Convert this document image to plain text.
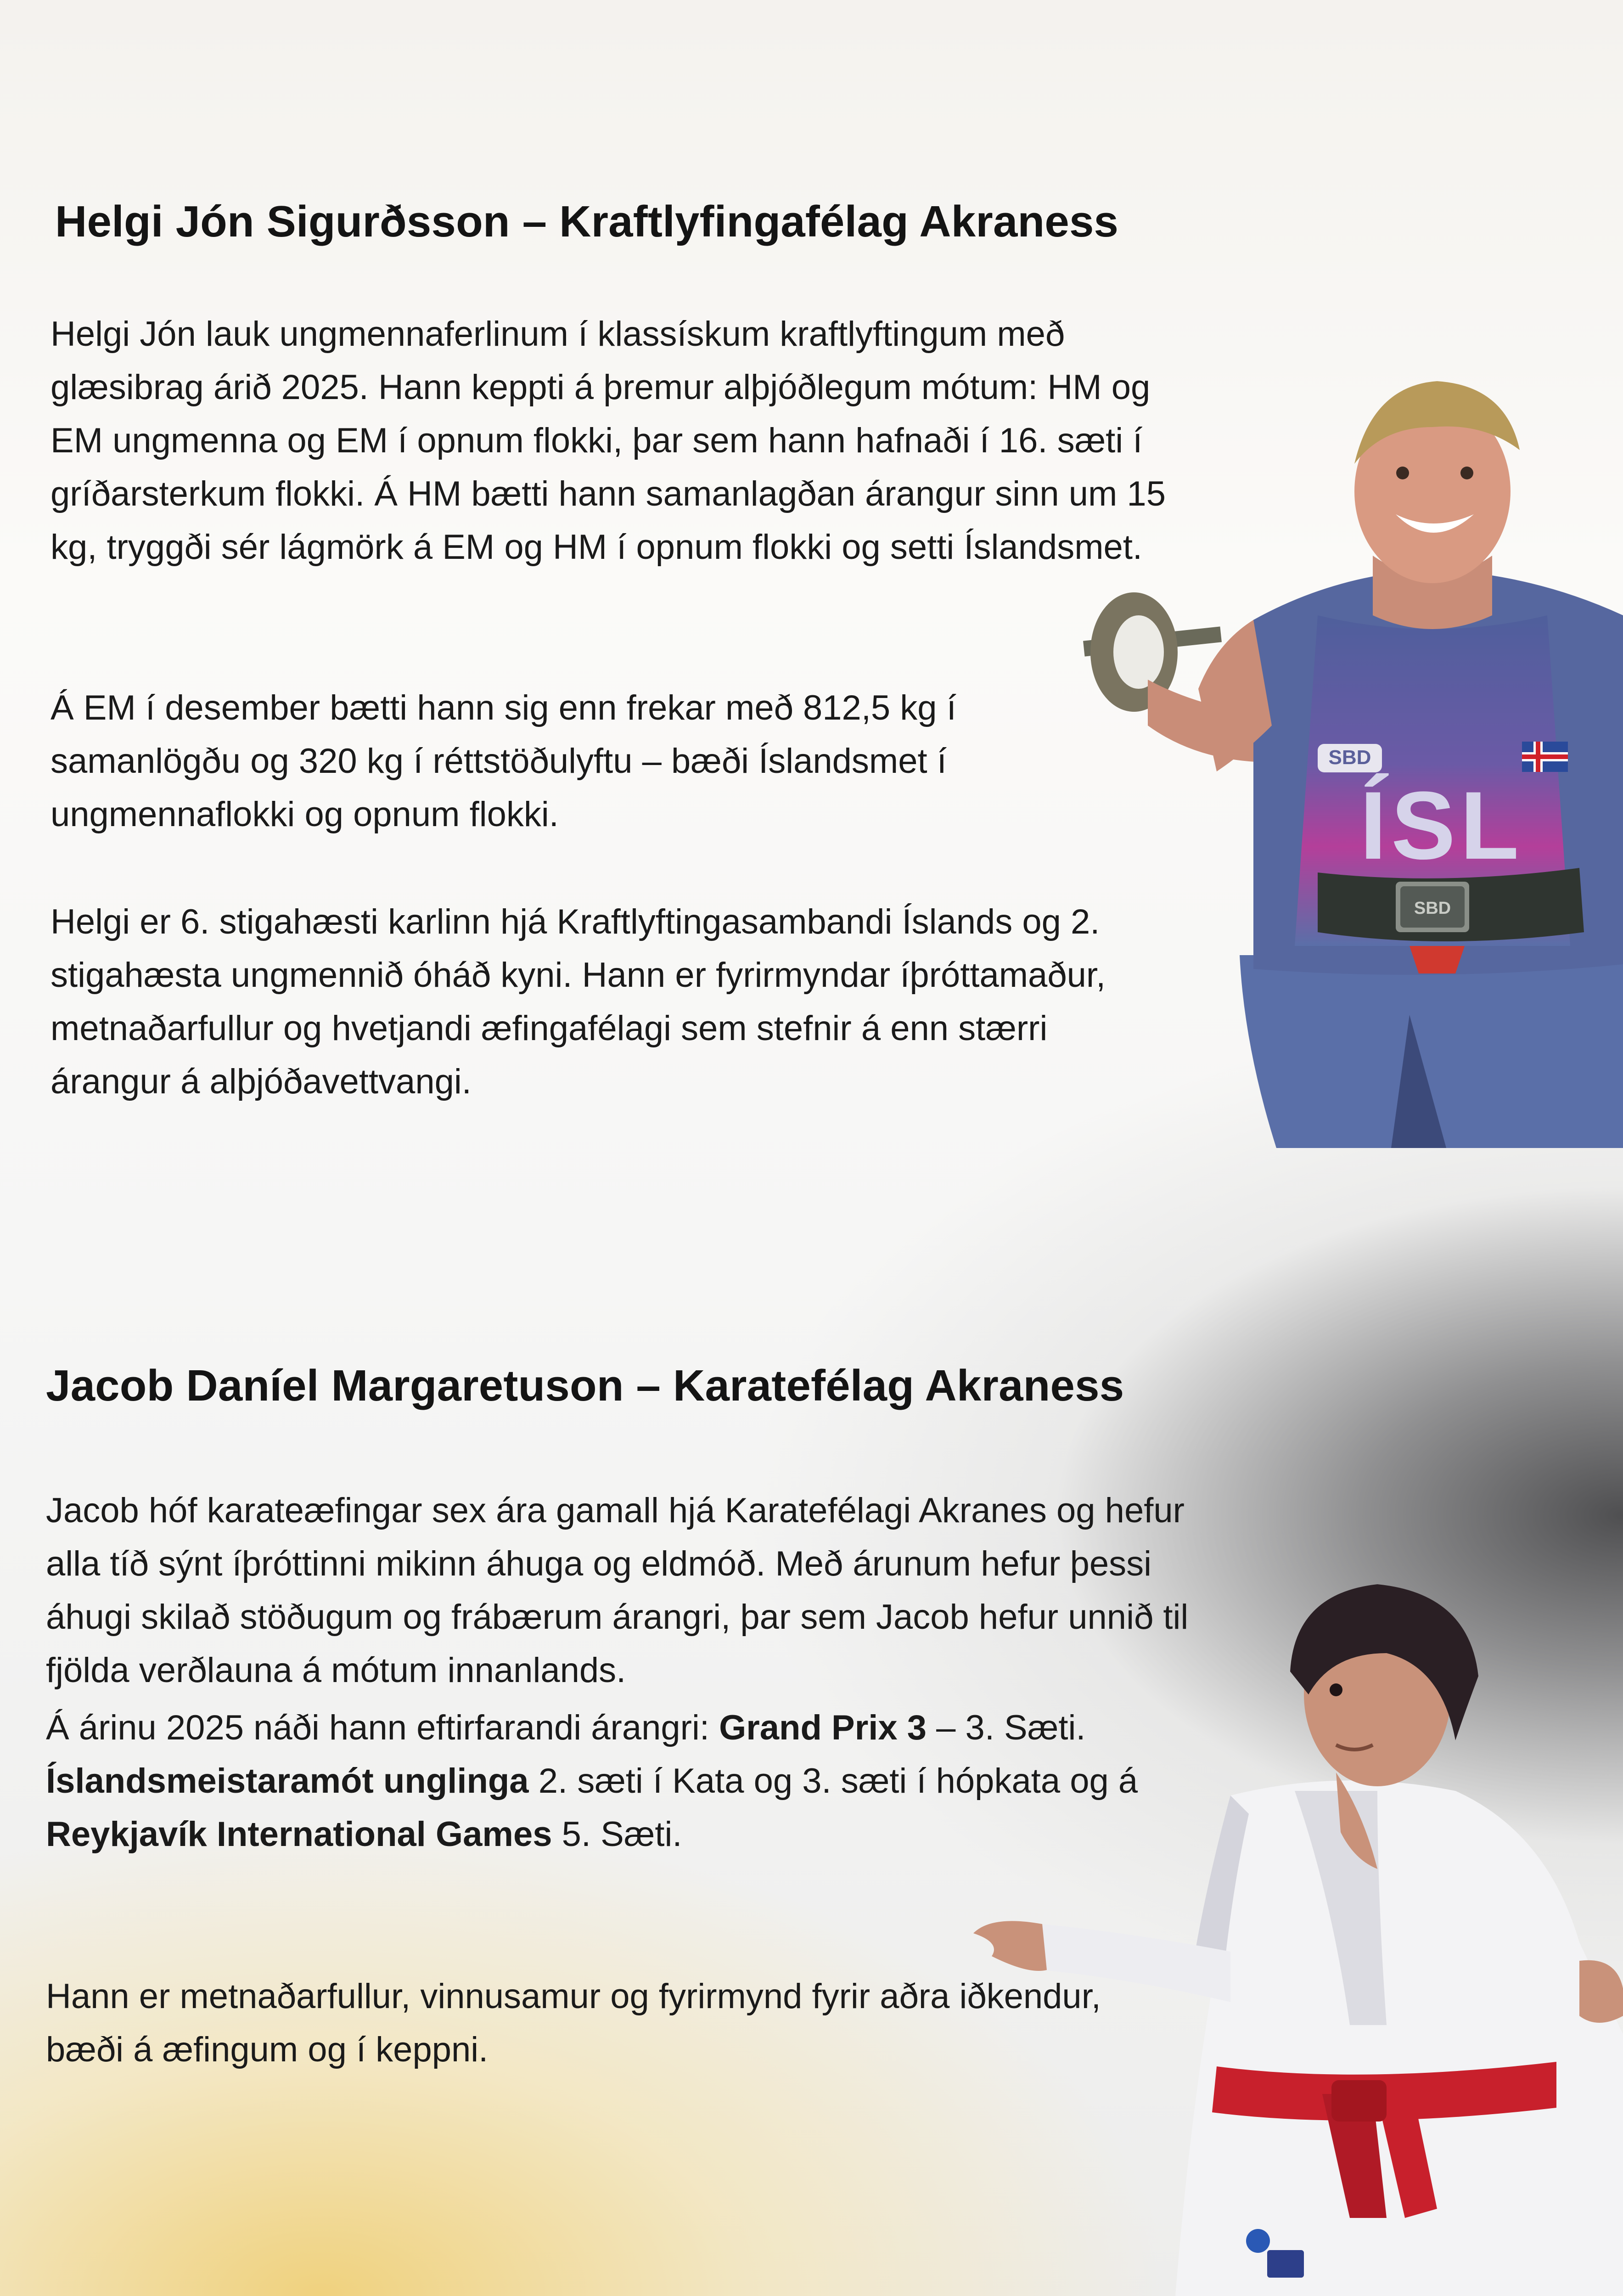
Helgi Jón Sigurðsson – Kraftlyfingafélag Akraness

Helgi Jón lauk ungmennaferlinum í klassískum kraftlyftingum með glæsibrag árið 2025. Hann keppti á þremur alþjóðlegum mótum: HM og EM ungmenna og EM í opnum flokki, þar sem hann hafnaði í 16. sæti í gríðarsterkum flokki. Á HM bætti hann samanlagðan árangur sinn um 15 kg, tryggði sér lágmörk á EM og HM í opnum flokki og setti Íslandsmet.

Á EM í desember bætti hann sig enn frekar með 812,5 kg í samanlögðu og 320 kg í réttstöðulyftu – bæði Íslandsmet í ungmennaflokki og opnum flokki.

Helgi er 6. stigahæsti karlinn hjá Kraftlyftingasambandi Íslands og 2. stigahæsta ungmennið óháð kyni. Hann er fyrirmyndar íþróttamaður, metnaðarfullur og hvetjandi æfingafélagi sem stefnir á enn stærri árangur á alþjóðavettvangi.

SBD
ÍSL
SBD
Jacob Daníel Margaretuson – Karatefélag Akraness

Jacob hóf karateæfingar sex ára gamall hjá Karatefélagi Akranes og hefur alla tíð sýnt íþróttinni mikinn áhuga og eldmóð. Með árunum hefur þessi áhugi skilað stöðugum og frábærum árangri, þar sem Jacob hefur unnið til fjölda verðlauna á mótum innanlands.

Á árinu 2025 náði hann eftirfarandi árangri: Grand Prix 3 – 3. Sæti.
Íslandsmeistaramót unglinga 2. sæti í Kata og 3. sæti í hópkata og á Reykjavík International Games 5. Sæti.

Hann er metnaðarfullur, vinnusamur og fyrirmynd fyrir aðra iðkendur, bæði á æfingum og í keppni.
